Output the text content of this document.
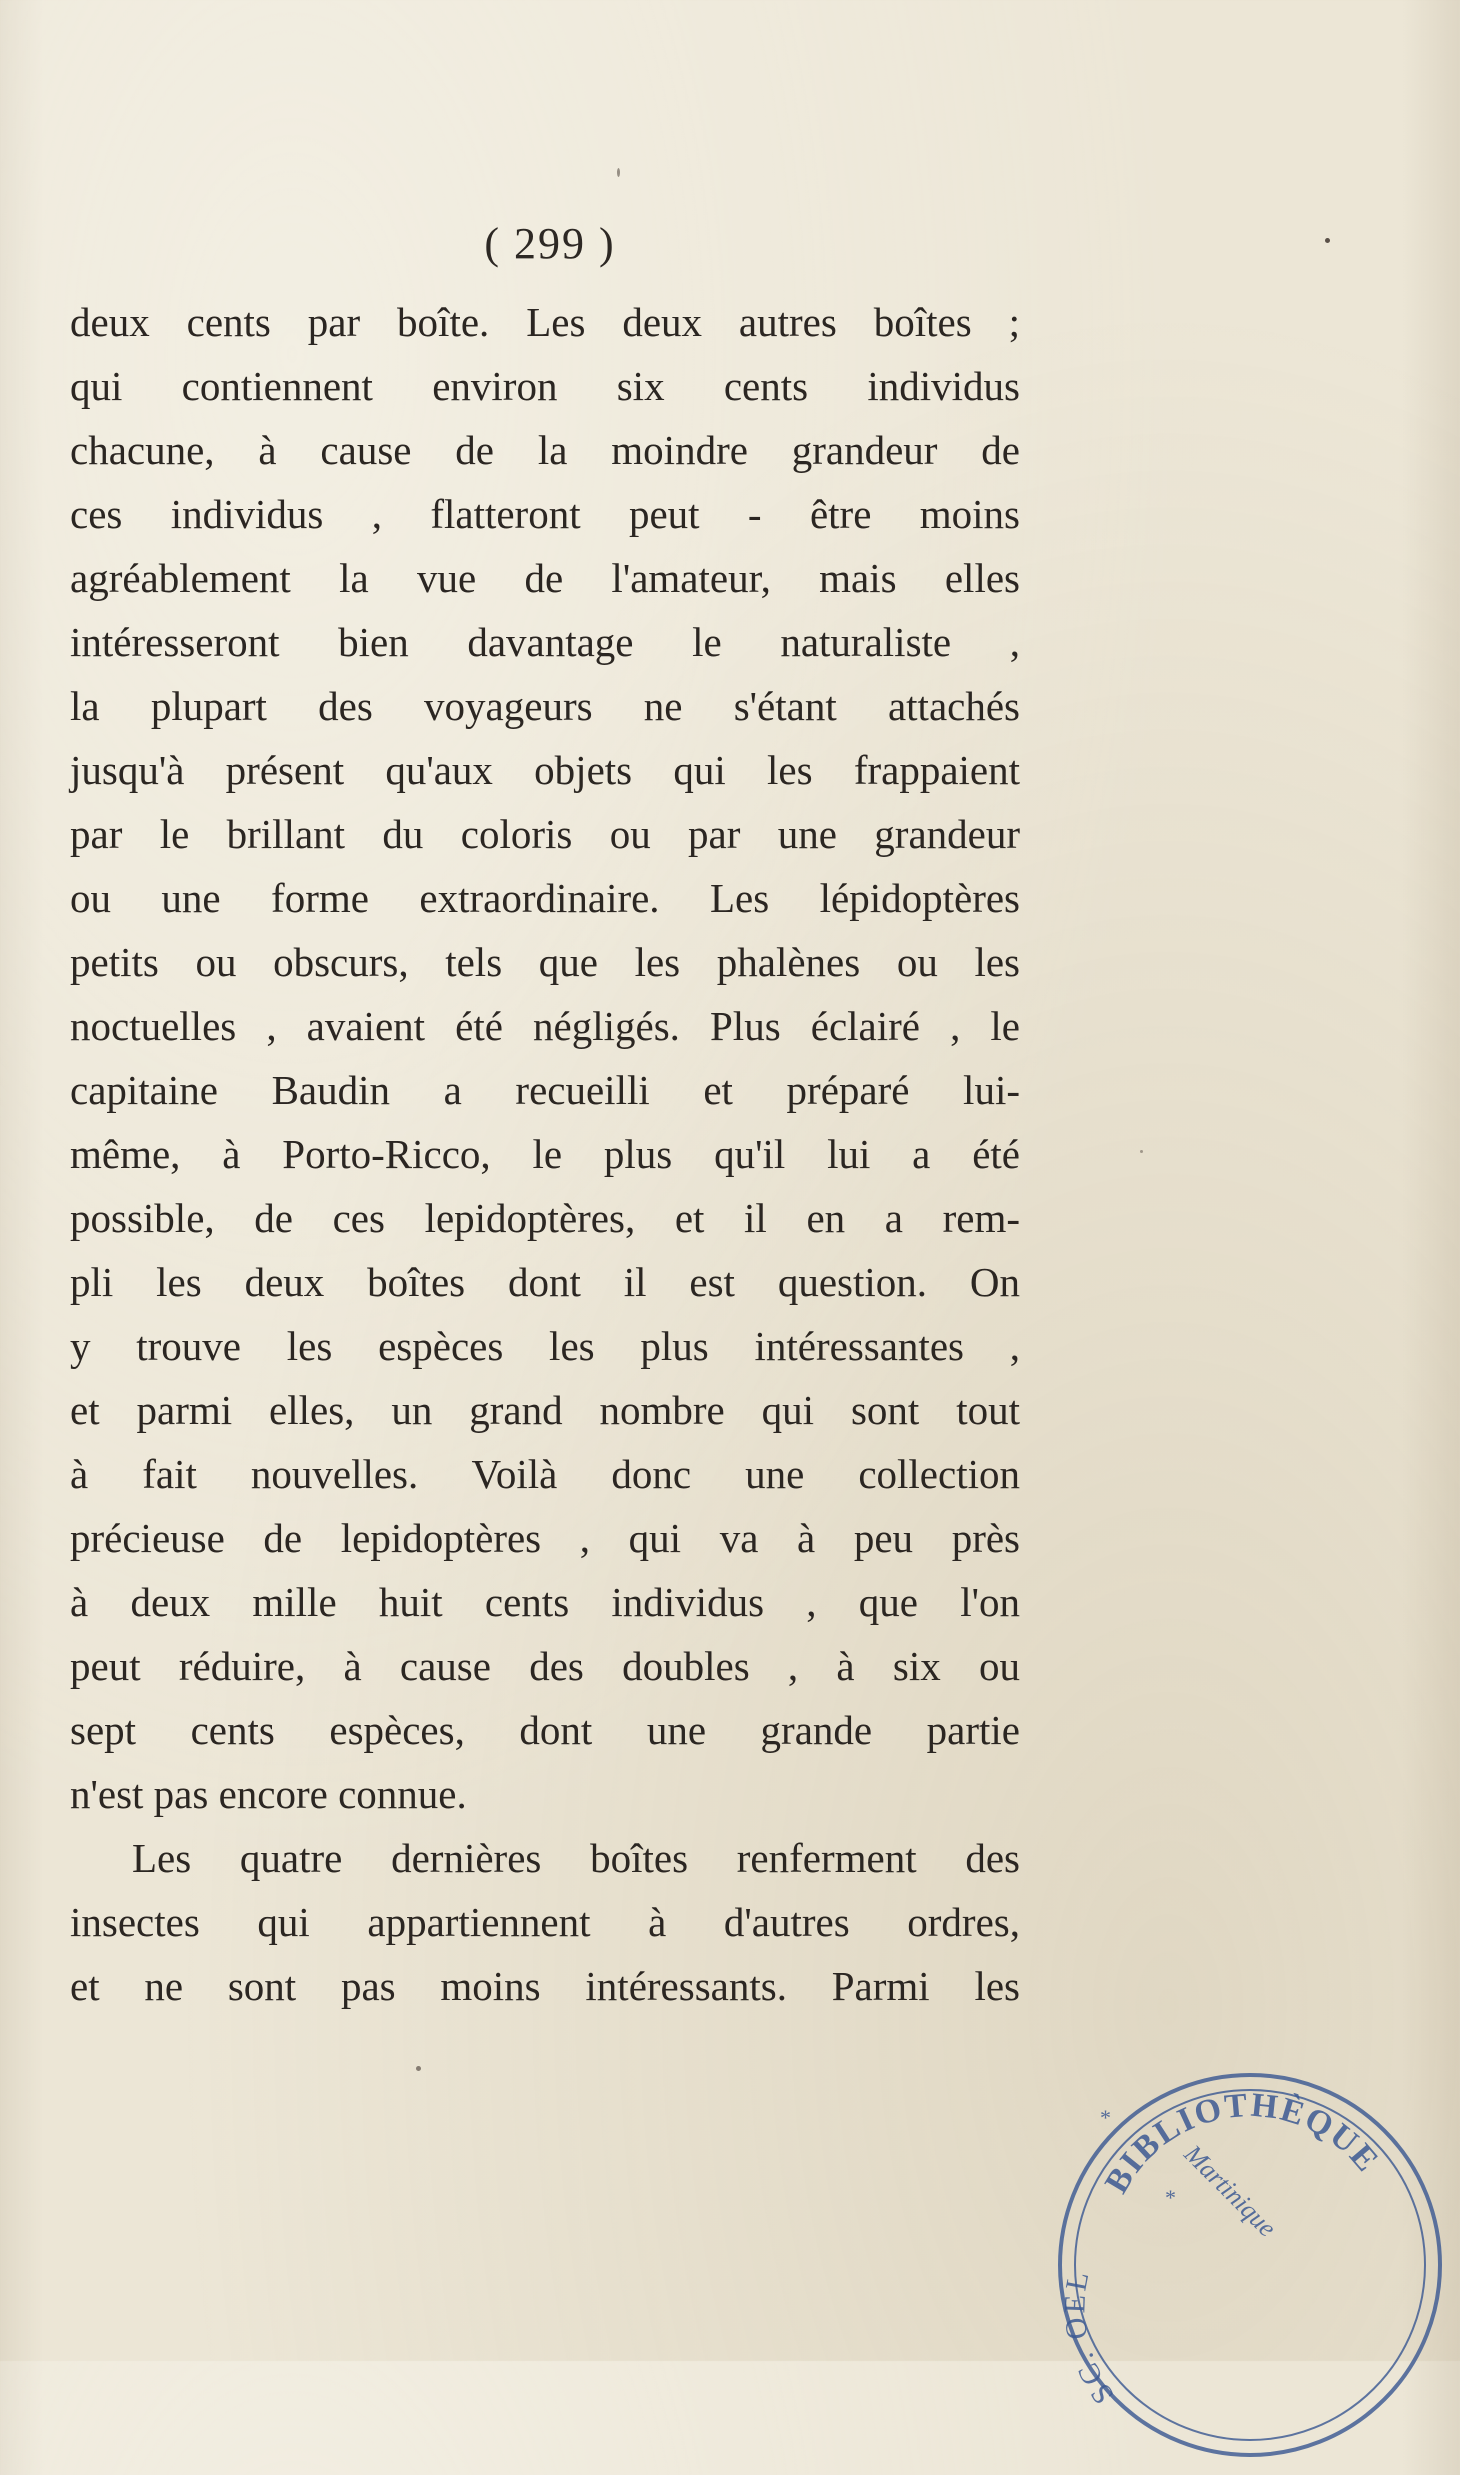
( 299 )
deux cents par boîte. Les deux autres boîtes ;
qui contiennent environ six cents individus
chacune, à cause de la moindre grandeur de
ces individus , flatteront peut - être moins
agréablement la vue de l'amateur, mais elles
intéresseront bien davantage le naturaliste ,
la plupart des voyageurs ne s'étant attachés
jusqu'à présent qu'aux objets qui les frappaient
par le brillant du coloris ou par une grandeur
ou une forme extraordinaire. Les lépidoptères
petits ou obscurs, tels que les phalènes ou les
noctuelles , avaient été négligés. Plus éclairé , le
capitaine Baudin a recueilli et préparé lui-
même, à Porto-Ricco, le plus qu'il lui a été
possible, de ces lepidoptères, et il en a rem-
pli les deux boîtes dont il est question. On
y trouve les espèces les plus intéressantes ,
et parmi elles, un grand nombre qui sont tout
à fait nouvelles. Voilà donc une collection
précieuse de lepidoptères , qui va à peu près
à deux mille huit cents individus , que l'on
peut réduire, à cause des doubles , à six ou
sept cents espèces, dont une grande partie
n'est pas encore connue.
Les quatre dernières boîtes renferment des
insectes qui appartiennent à d'autres ordres,
et ne sont pas moins intéressants. Parmi les
BIBLIOTHÈQUE
SC. OEL
Martinique
*
*
